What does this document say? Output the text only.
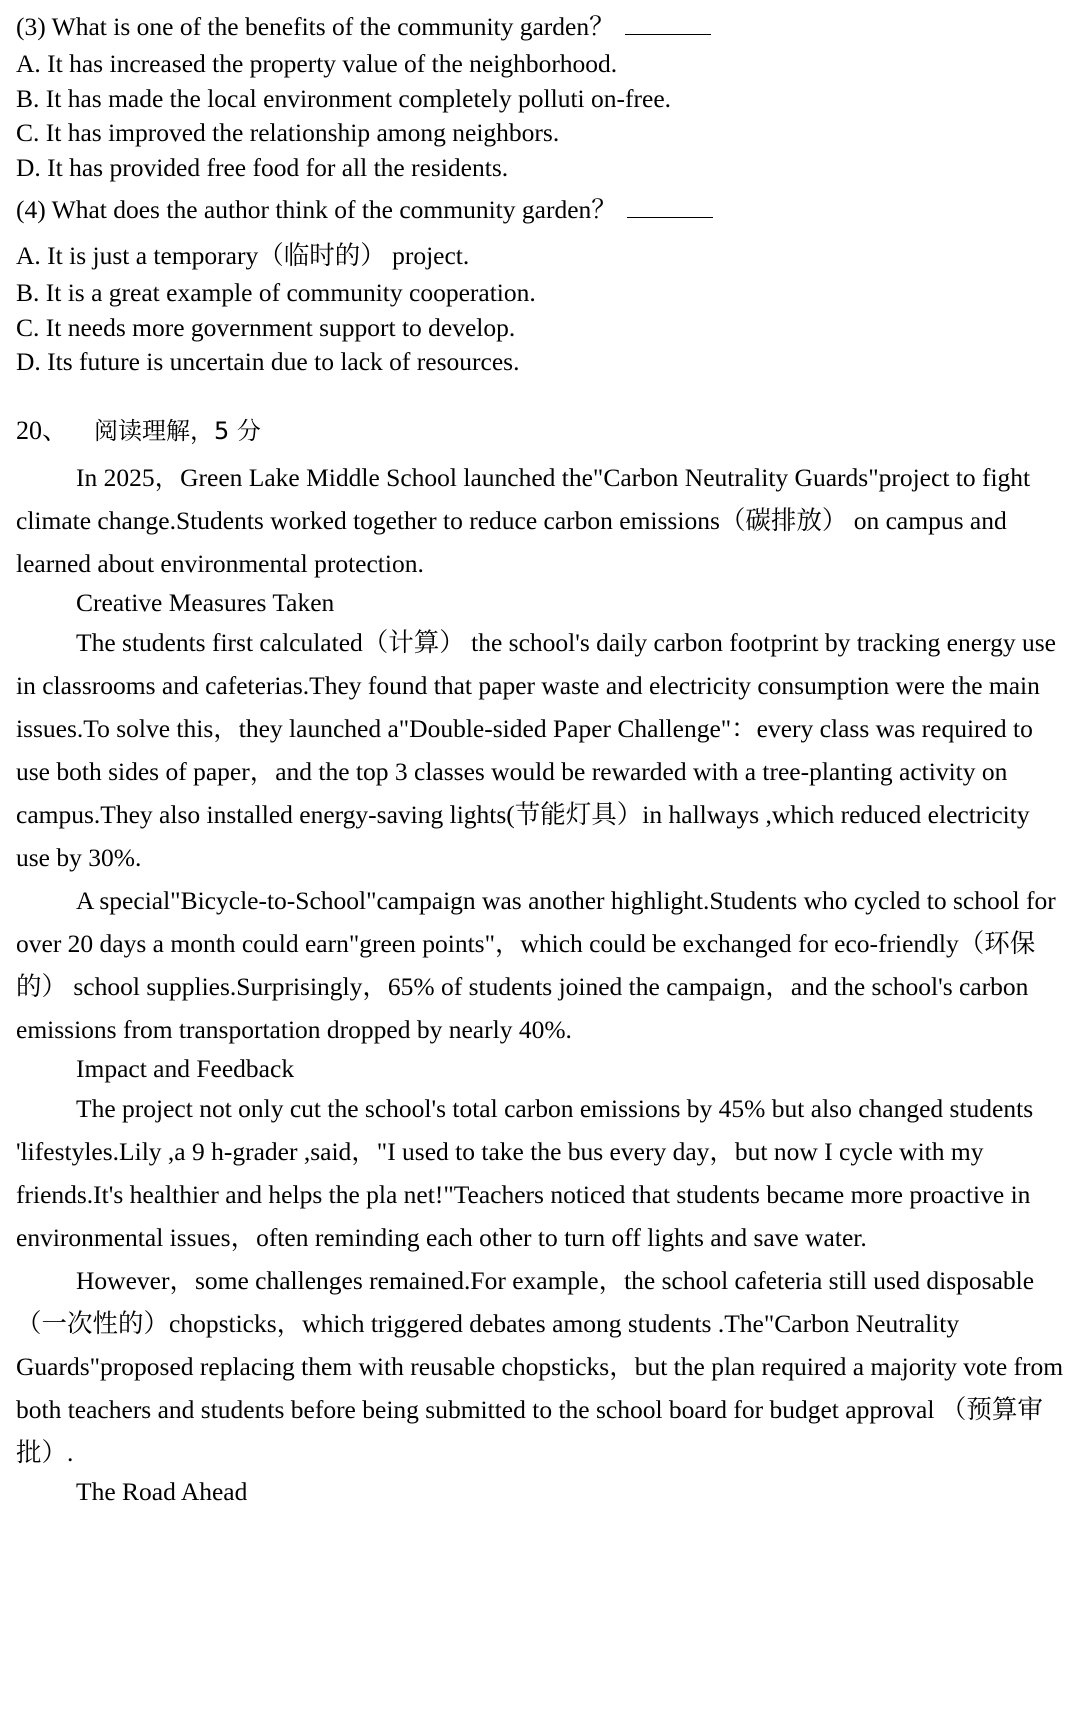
(3) What is one of the benefits of the community garden？
A. It has increased the property value of the neighborhood.
B. It has made the local environment completely polluti on-free.
C. It has improved the relationship among neighbors.
D. It has provided free food for all the residents.
(4) What does the author think of the community garden？
A. It is just a temporary（临时的） project.
B. It is a great example of community cooperation.
C. It needs more government support to develop.
D. Its future is uncertain due to lack of resources.
20、 阅读理解，5 分

In 2025，Green Lake Middle School launched the"Carbon Neutrality Guards"project to fight climate change.Students worked together to reduce carbon emissions（碳排放） on campus and learned about environmental protection.

Creative Measures Taken

The students first calculated（计算） the school's daily carbon footprint by tracking energy use in classrooms and cafeterias.They found that paper waste and electricity consumption were the main issues.To solve this，they launched a"Double-sided Paper Challenge"：every class was required to use both sides of paper，and the top 3 classes would be rewarded with a tree-planting activity on campus.They also installed energy-saving lights(节能灯具）in hallways ,which reduced electricity use by 30%.

A special"Bicycle-to-School"campaign was another highlight.Students who cycled to school for over 20 days a month could earn"green points"，which could be exchanged for eco-friendly（环保的） school supplies.Surprisingly，65% of students joined the campaign，and the school's carbon emissions from transportation dropped by nearly 40%.

Impact and Feedback

The project not only cut the school's total carbon emissions by 45% but also changed students 'lifestyles.Lily ,a 9 h-grader ,said，"I used to take the bus every day，but now I cycle with my friends.It's healthier and helps the pla net!"Teachers noticed that students became more proactive in environmental issues，often reminding each other to turn off lights and save water.

However，some challenges remained.For example，the school cafeteria still used disposable（一次性的）chopsticks，which triggered debates among students .The"Carbon Neutrality Guards"proposed replacing them with reusable chopsticks，but the plan required a majority vote from both teachers and students before being submitted to the school board for budget approval （预算审批）.

The Road Ahead
